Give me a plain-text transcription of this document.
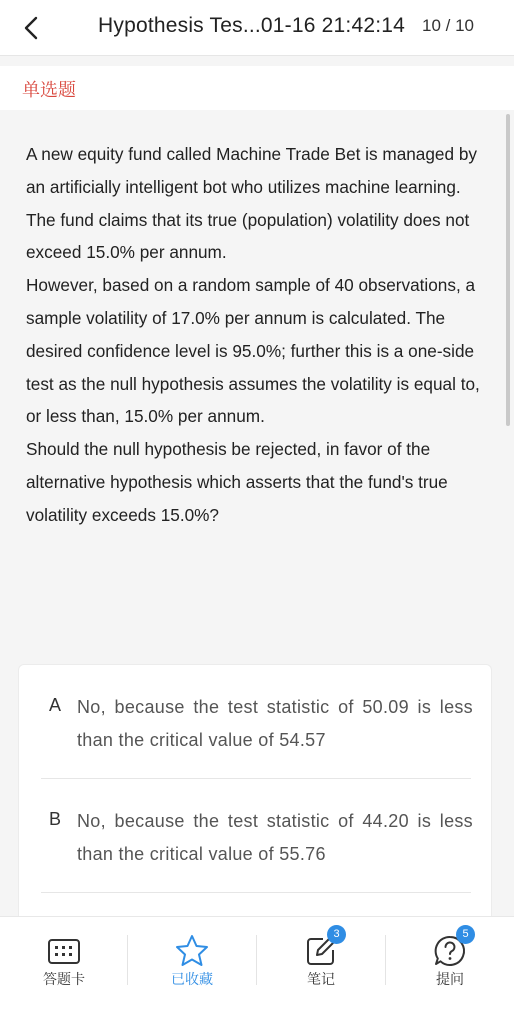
Hypothesis Tes...01-16 21:42:14 10 / 10
单选题

A new equity fund called Machine Trade Bet is managed by an artificially intelligent bot who utilizes machine learning. The fund claims that its true (population) volatility does not exceed 15.0% per annum.

However, based on a random sample of 40 observations, a sample volatility of 17.0% per annum is calculated. The desired confidence level is 95.0%; further this is a one-side test as the null hypothesis assumes the volatility is equal to, or less than, 15.0% per annum.

Should the null hypothesis be rejected, in favor of the alternative hypothesis which asserts that the fund's true volatility exceeds 15.0%?

A No, because the test statistic of 50.09 is less than the critical value of 54.57
B No, because the test statistic of 44.20 is less than the critical value of 55.76
答题卡	已收藏
3
笔记
5
提问
